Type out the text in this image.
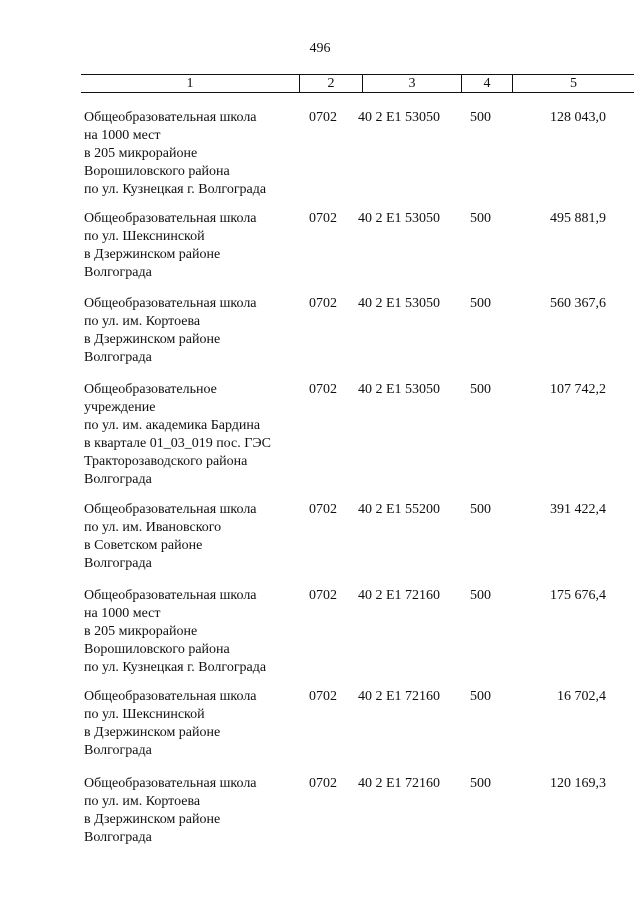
496
1	2	3	4	5
Общеобразовательная школа
на 1000 мест
в 205 микрорайоне
Ворошиловского района
по ул. Кузнецкая г. Волгограда
0702	40 2 E1 53050	500	128 043,0
Общеобразовательная школа
по ул. Шекснинской
в Дзержинском районе
Волгограда
0702	40 2 E1 53050	500	495 881,9
Общеобразовательная школа
по ул. им. Кортоева
в Дзержинском районе
Волгограда
0702	40 2 E1 53050	500	560 367,6
Общеобразовательное
учреждение
по ул. им. академика Бардина
в квартале 01_03_019 пос. ГЭС
Тракторозаводского района
Волгограда
0702	40 2 E1 53050	500	107 742,2
Общеобразовательная школа
по ул. им. Ивановского
в Советском районе
Волгограда
0702	40 2 E1 55200	500	391 422,4
Общеобразовательная школа
на 1000 мест
в 205 микрорайоне
Ворошиловского района
по ул. Кузнецкая г. Волгограда
0702	40 2 E1 72160	500	175 676,4
Общеобразовательная школа
по ул. Шекснинской
в Дзержинском районе
Волгограда
0702	40 2 E1 72160	500	16 702,4
Общеобразовательная школа
по ул. им. Кортоева
в Дзержинском районе
Волгограда
0702	40 2 E1 72160	500	120 169,3
